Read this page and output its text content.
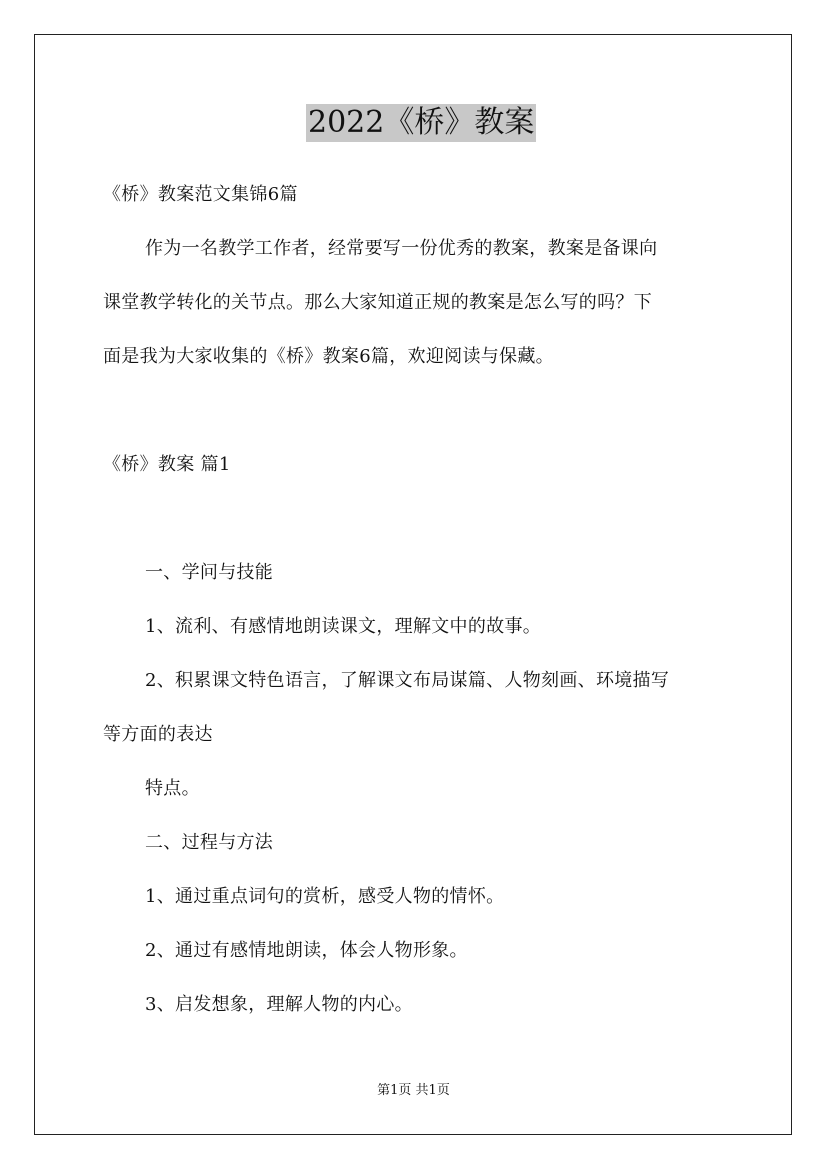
2022《桥》教案
《桥》教案范文集锦6篇
作为一名教学工作者，经常要写一份优秀的教案，教案是备课向
课堂教学转化的关节点。那么大家知道正规的教案是怎么写的吗？下
面是我为大家收集的《桥》教案6篇，欢迎阅读与保藏。
《桥》教案 篇1
一、学问与技能
1、流利、有感情地朗读课文，理解文中的故事。
2、积累课文特色语言，了解课文布局谋篇、人物刻画、环境描写
等方面的表达
特点。
二、过程与方法
1、通过重点词句的赏析，感受人物的情怀。
2、通过有感情地朗读，体会人物形象。
3、启发想象，理解人物的内心。
第1页 共1页
